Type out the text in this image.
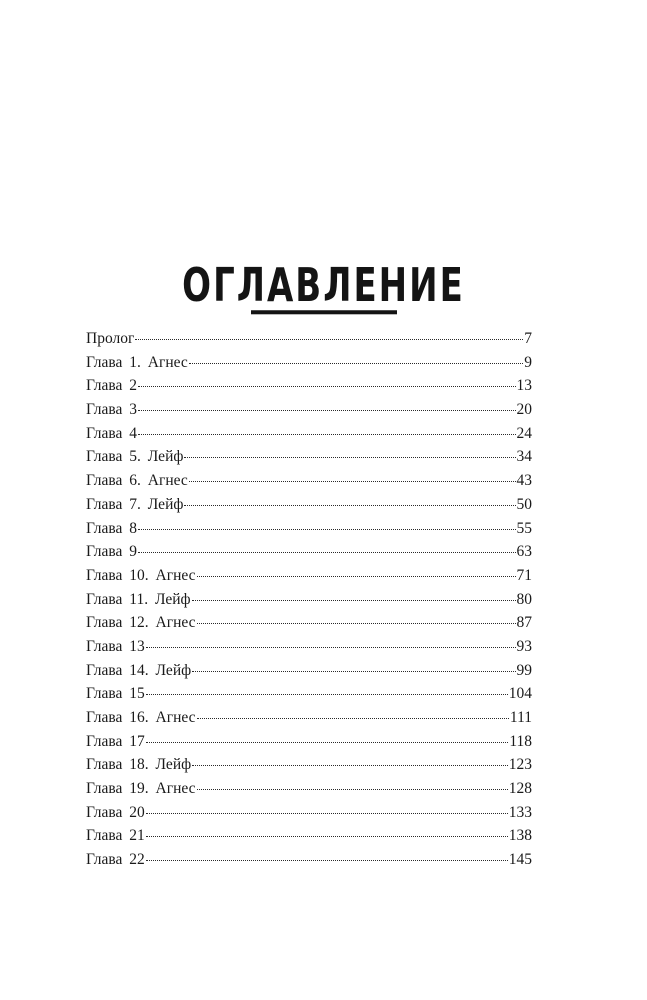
ОГЛАВЛЕНИЕ
Пролог	7
Глава 1. Агнес	9
Глава 2	13
Глава 3	20
Глава 4	24
Глава 5. Лейф	34
Глава 6. Агнес	43
Глава 7. Лейф	50
Глава 8	55
Глава 9	63
Глава 10. Агнес	71
Глава 11. Лейф	80
Глава 12. Агнес	87
Глава 13	93
Глава 14. Лейф	99
Глава 15	104
Глава 16. Агнес	111
Глава 17	118
Глава 18. Лейф	123
Глава 19. Агнес	128
Глава 20	133
Глава 21	138
Глава 22	145
